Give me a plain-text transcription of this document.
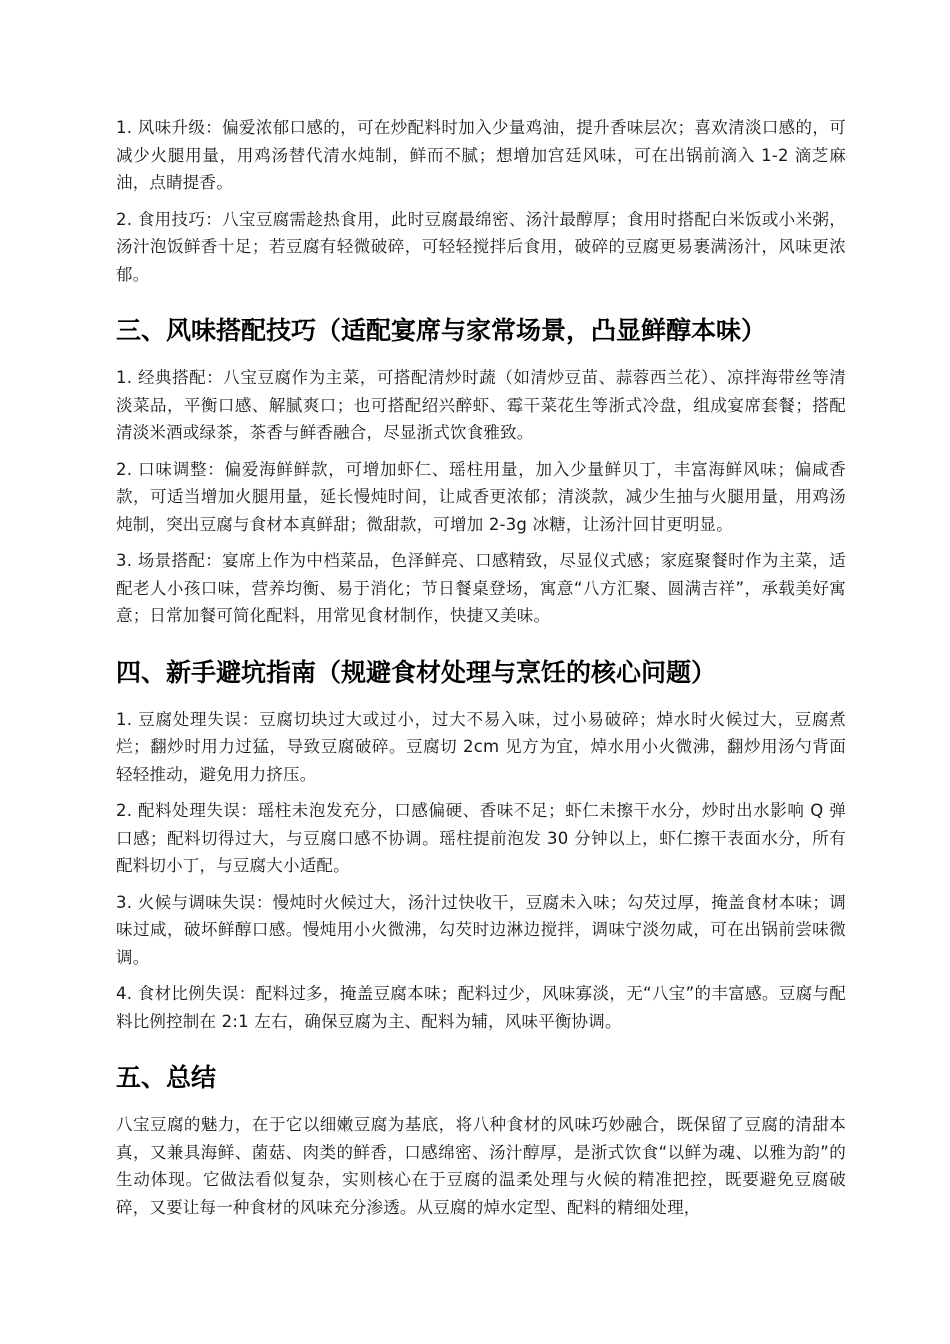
1. 风味升级：偏爱浓郁口感的，可在炒配料时加入少量鸡油，提升香味层次；喜欢清淡口感的，可减少火腿用量，用鸡汤替代清水炖制，鲜而不腻；想增加宫廷风味，可在出锅前滴入 1-2 滴芝麻油，点睛提香。

2. 食用技巧：八宝豆腐需趁热食用，此时豆腐最绵密、汤汁最醇厚；食用时搭配白米饭或小米粥，汤汁泡饭鲜香十足；若豆腐有轻微破碎，可轻轻搅拌后食用，破碎的豆腐更易裹满汤汁，风味更浓郁。

三、风味搭配技巧（适配宴席与家常场景，凸显鲜醇本味）

1. 经典搭配：八宝豆腐作为主菜，可搭配清炒时蔬（如清炒豆苗、蒜蓉西兰花）、凉拌海带丝等清淡菜品，平衡口感、解腻爽口；也可搭配绍兴醉虾、霉干菜花生等浙式冷盘，组成宴席套餐；搭配清淡米酒或绿茶，茶香与鲜香融合，尽显浙式饮食雅致。

2. 口味调整：偏爱海鲜鲜款，可增加虾仁、瑶柱用量，加入少量鲜贝丁，丰富海鲜风味；偏咸香款，可适当增加火腿用量，延长慢炖时间，让咸香更浓郁；清淡款，减少生抽与火腿用量，用鸡汤炖制，突出豆腐与食材本真鲜甜；微甜款，可增加 2-3g 冰糖，让汤汁回甘更明显。

3. 场景搭配：宴席上作为中档菜品，色泽鲜亮、口感精致，尽显仪式感；家庭聚餐时作为主菜，适配老人小孩口味，营养均衡、易于消化；节日餐桌登场，寓意“八方汇聚、圆满吉祥”，承载美好寓意；日常加餐可简化配料，用常见食材制作，快捷又美味。

四、新手避坑指南（规避食材处理与烹饪的核心问题）

1. 豆腐处理失误：豆腐切块过大或过小，过大不易入味，过小易破碎；焯水时火候过大，豆腐煮烂；翻炒时用力过猛，导致豆腐破碎。豆腐切 2cm 见方为宜，焯水用小火微沸，翻炒用汤勺背面轻轻推动，避免用力挤压。

2. 配料处理失误：瑶柱未泡发充分，口感偏硬、香味不足；虾仁未擦干水分，炒时出水影响 Q 弹口感；配料切得过大，与豆腐口感不协调。瑶柱提前泡发 30 分钟以上，虾仁擦干表面水分，所有配料切小丁，与豆腐大小适配。

3. 火候与调味失误：慢炖时火候过大，汤汁过快收干，豆腐未入味；勾芡过厚，掩盖食材本味；调味过咸，破坏鲜醇口感。慢炖用小火微沸，勾芡时边淋边搅拌，调味宁淡勿咸，可在出锅前尝味微调。

4. 食材比例失误：配料过多，掩盖豆腐本味；配料过少，风味寡淡，无“八宝”的丰富感。豆腐与配料比例控制在 2:1 左右，确保豆腐为主、配料为辅，风味平衡协调。

五、总结

八宝豆腐的魅力，在于它以细嫩豆腐为基底，将八种食材的风味巧妙融合，既保留了豆腐的清甜本真，又兼具海鲜、菌菇、肉类的鲜香，口感绵密、汤汁醇厚，是浙式饮食“以鲜为魂、以雅为韵”的生动体现。它做法看似复杂，实则核心在于豆腐的温柔处理与火候的精准把控，既要避免豆腐破碎，又要让每一种食材的风味充分渗透。从豆腐的焯水定型、配料的精细处理，
